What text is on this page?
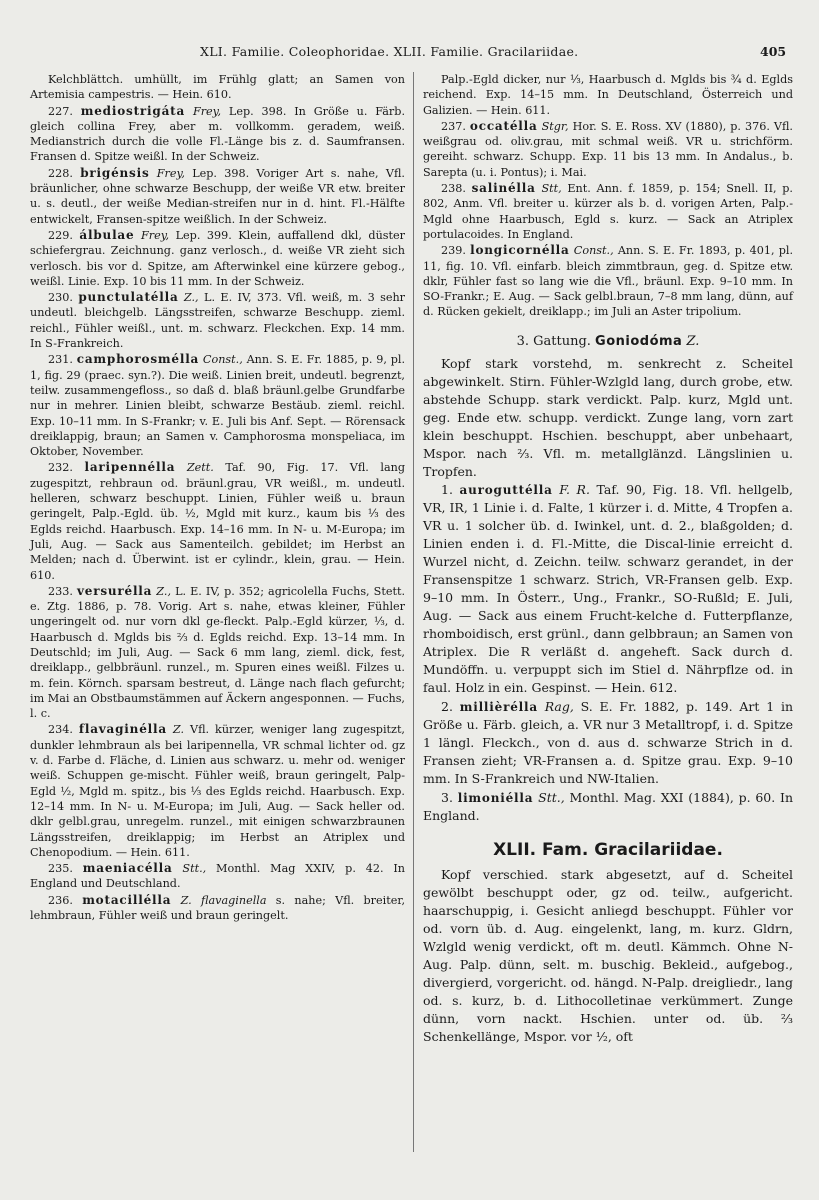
XLI. Familie. Coleophoridae. XLII. Familie. Gracilariidae.	405

Kelchblättch. umhüllt, im Frühlg glatt; an Samen von Artemisia campestris. — Hein. 610.

227. mediostrigáta Frey, Lep. 398. In Größe u. Färb. gleich collina Frey, aber m. vollkomm. geradem, weiß. Medianstrich durch die volle Fl.-Länge bis z. d. Saumfransen. Fransen d. Spitze weißl. In der Schweiz.

228. brigénsis Frey, Lep. 398. Voriger Art s. nahe, Vfl. bräunlicher, ohne schwarze Beschupp, der weiße VR etw. breiter u. s. deutl., der weiße Median-streifen nur in d. hint. Fl.-Hälfte entwickelt, Fransen-spitze weißlich. In der Schweiz.

229. álbulae Frey, Lep. 399. Klein, auffallend dkl, düster schiefergrau. Zeichnung. ganz verlosch., d. weiße VR zieht sich verlosch. bis vor d. Spitze, am Afterwinkel eine kürzere gebog., weißl. Linie. Exp. 10 bis 11 mm. In der Schweiz.

230. punctulatélla Z., L. E. IV, 373. Vfl. weiß, m. 3 sehr undeutl. bleichgelb. Längsstreifen, schwarze Beschupp. zieml. reichl., Fühler weißl., unt. m. schwarz. Fleckchen. Exp. 14 mm. In S-Frankreich.

231. camphorosmélla Const., Ann. S. E. Fr. 1885, p. 9, pl. 1, fig. 29 (praec. syn.?). Die weiß. Linien breit, undeutl. begrenzt, teilw. zusammengefloss., so daß d. blaß bräunl.gelbe Grundfarbe nur in mehrer. Linien bleibt, schwarze Bestäub. zieml. reichl. Exp. 10–11 mm. In S-Frankr; v. E. Juli bis Anf. Sept. — Rörensack dreiklappig, braun; an Samen v. Camphorosma monspeliaca, im Oktober, November.

232. laripennélla Zett. Taf. 90, Fig. 17. Vfl. lang zugespitzt, rehbraun od. bräunl.grau, VR weißl., m. undeutl. helleren, schwarz beschuppt. Linien, Fühler weiß u. braun geringelt, Palp.-Egld. üb. ½, Mgld mit kurz., kaum bis ⅓ des Eglds reichd. Haarbusch. Exp. 14–16 mm. In N- u. M-Europa; im Juli, Aug. — Sack aus Samenteilch. gebildet; im Herbst an Melden; nach d. Überwint. ist er cylindr., klein, grau. — Hein. 610.

233. versurélla Z., L. E. IV, p. 352; agricolella Fuchs, Stett. e. Ztg. 1886, p. 78. Vorig. Art s. nahe, etwas kleiner, Fühler ungeringelt od. nur vorn dkl ge-fleckt. Palp.-Egld kürzer, ⅓, d. Haarbusch d. Mglds bis ⅔ d. Eglds reichd. Exp. 13–14 mm. In Deutschld; im Juli, Aug. — Sack 6 mm lang, zieml. dick, fest, dreiklapp., gelbbräunl. runzel., m. Spuren eines weißl. Filzes u. m. fein. Körnch. sparsam bestreut, d. Länge nach flach gefurcht; im Mai an Obstbaumstämmen auf Äckern angesponnen. — Fuchs, l. c.

234. flavaginélla Z. Vfl. kürzer, weniger lang zugespitzt, dunkler lehmbraun als bei laripennella, VR schmal lichter od. gz v. d. Farbe d. Fläche, d. Linien aus schwarz. u. mehr od. weniger weiß. Schuppen ge-mischt. Fühler weiß, braun geringelt, Palp-Egld ½, Mgld m. spitz., bis ⅓ des Eglds reichd. Haarbusch. Exp. 12–14 mm. In N- u. M-Europa; im Juli, Aug. — Sack heller od. dklr gelbl.grau, unregelm. runzel., mit einigen schwarzbraunen Längsstreifen, dreiklappig; im Herbst an Atriplex und Chenopodium. — Hein. 611.

235. maeniacélla Stt., Monthl. Mag XXIV, p. 42. In England und Deutschland.

236. motacillélla Z. flavaginella s. nahe; Vfl. breiter, lehmbraun, Fühler weiß und braun geringelt.

Palp.-Egld dicker, nur ⅓, Haarbusch d. Mglds bis ¾ d. Eglds reichend. Exp. 14–15 mm. In Deutschland, Österreich und Galizien. — Hein. 611.

237. occatélla Stgr, Hor. S. E. Ross. XV (1880), p. 376. Vfl. weißgrau od. oliv.grau, mit schmal weiß. VR u. strichförm. gereiht. schwarz. Schupp. Exp. 11 bis 13 mm. In Andalus., b. Sarepta (u. i. Pontus); i. Mai.

238. salinélla Stt, Ent. Ann. f. 1859, p. 154; Snell. II, p. 802, Anm. Vfl. breiter u. kürzer als b. d. vorigen Arten, Palp.-Mgld ohne Haarbusch, Egld s. kurz. — Sack an Atriplex portulacoides. In England.

239. longicornélla Const., Ann. S. E. Fr. 1893, p. 401, pl. 11, fig. 10. Vfl. einfarb. bleich zimmtbraun, geg. d. Spitze etw. dklr, Fühler fast so lang wie die Vfl., bräunl. Exp. 9–10 mm. In SO-Frankr.; E. Aug. — Sack gelbl.braun, 7–8 mm lang, dünn, auf d. Rücken gekielt, dreiklapp.; im Juli an Aster tripolium.

3. Gattung. Goniodóma Z.

Kopf stark vorstehd, m. senkrecht z. Scheitel abgewinkelt. Stirn. Fühler-Wzlgld lang, durch grobe, etw. abstehde Schupp. stark verdickt. Palp. kurz, Mgld unt. geg. Ende etw. schupp. verdickt. Zunge lang, vorn zart klein beschuppt. Hschien. beschuppt, aber unbehaart, Mspor. nach ⅔. Vfl. m. metallglänzd. Längslinien u. Tropfen.

1. auroguttélla F. R. Taf. 90, Fig. 18. Vfl. hellgelb, VR, IR, 1 Linie i. d. Falte, 1 kürzer i. d. Mitte, 4 Tropfen a. VR u. 1 solcher üb. d. Iwinkel, unt. d. 2., blaßgolden; d. Linien enden i. d. Fl.-Mitte, die Discal-linie erreicht d. Wurzel nicht, d. Zeichn. teilw. schwarz gerandet, in der Fransenspitze 1 schwarz. Strich, VR-Fransen gelb. Exp. 9–10 mm. In Österr., Ung., Frankr., SO-Rußld; E. Juli, Aug. — Sack aus einem Frucht-kelche d. Futterpflanze, rhomboidisch, erst grünl., dann gelbbraun; an Samen von Atriplex. Die R verläßt d. angeheft. Sack durch d. Mundöffn. u. verpuppt sich im Stiel d. Nährpflze od. in faul. Holz in ein. Gespinst. — Hein. 612.

2. millièrélla Rag, S. E. Fr. 1882, p. 149. Art 1 in Größe u. Färb. gleich, a. VR nur 3 Metalltropf, i. d. Spitze 1 längl. Fleckch., von d. aus d. schwarze Strich in d. Fransen zieht; VR-Fransen a. d. Spitze grau. Exp. 9–10 mm. In S-Frankreich und NW-Italien.

3. limoniélla Stt., Monthl. Mag. XXI (1884), p. 60. In England.

XLII. Fam. Gracilariidae.

Kopf verschied. stark abgesetzt, auf d. Scheitel gewölbt beschuppt oder, gz od. teilw., aufgericht. haarschuppig, i. Gesicht anliegd beschuppt. Fühler vor od. vorn üb. d. Aug. eingelenkt, lang, m. kurz. Gldrn, Wzlgld wenig verdickt, oft m. deutl. Kämmch. Ohne N-Aug. Palp. dünn, selt. m. buschig. Bekleid., aufgebog., divergierd, vorgericht. od. hängd. N-Palp. dreigliedr., lang od. s. kurz, b. d. Lithocolletinae verkümmert. Zunge dünn, vorn nackt. Hschien. unter od. üb. ⅔ Schenkellänge, Mspor. vor ½, oft
